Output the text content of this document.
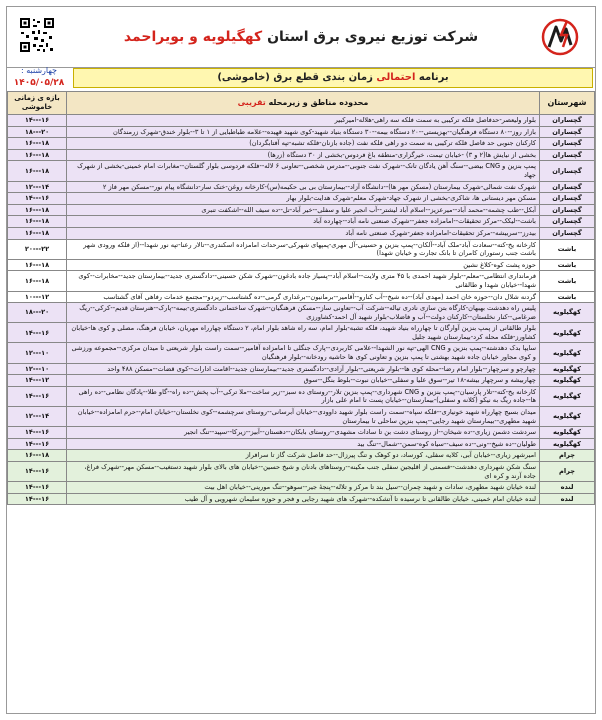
شرکت توزیع نیروی برق استان کهگیلویه و بویراحمد
چهارشنبه :
۱۴۰۵/۰۵/۲۸	برنامه احتمالی زمان بندی قطع برق (خاموشی)
شهرستان	محدوده مناطق و زیرمحله تقریبی	بازه ی زمانی خاموشی
گچساران	بلوار ولیعصر-حدفاصل فلکه ترکیبی به سمت فلکه سه راهی-هلاله-امیرکبیر	۱۴---۱۶
گچساران	بازار روز--۸۰ دستگاه فرهنگیان--بهزیستی--۲۰ دستگاه بیمه--۳۰ دستگاه بنیاد شهید-کوی شهید قهیده--علامه طباطبایی از ۱ تا ۳--بلوار خندق-شهرک زرمندگان	۱۸---۲۰
گچساران	کارکنان جنوبی حد فاصل فلکه ترکیبی به سمت دو راهی فلکه نفت (جاده بازنان-فلکه تشبه-تپه آفتابگردان)	۱۶---۱۸
گچساران	بخشی از نیایش ها(۲ و ۳) -خیابان تیمت، خیرگزاری-منطقه باغ فردوس-بخشی از ۳۰ دستگاه (زرها)	۱۶---۱۸
گچساران	پمپ بنزین و CNG بیضی--سنگ آهن یادگان تانک--شهرک نفت جنوبی--مدرس شخصی--تعاونی ۶ لاله--فلکه فردوسی بلوار گلستان--مغابرات امام خمینی-بخشی از شهرک جهاد	۱۶---۱۸
گچساران	شهرک نفت شمالی-شهرک بیمارستان (مسکن مهر ها)--دانشگاه آزاد--بیمارستان بی بی حکیمه(س)-کارخانه روغن-خنک سار-دانشگاه پیام نور--مسکن مهر فاز ۲	۱۲---۱۴
گچساران	مسکن مهر دیستانی ها، شاکری-بخشی از شهرک جهاد-شهرک معلم-شهرک هدایت-بلوار بهار	۱۴---۱۶
گچساران	آبکل--طب چشمه--محمد آباد--میرعزیز--اسلام آباد لیشتر--آب انجیر علیا و سفلی--خیر آباد-تل--ده سیف الله--اشکفت تنبری	۱۶---۱۸
گچساران	باشت--لیکک--مرکز تحقیقات--امامزاده جعفر--شهرک صنعتی نامه آباد--چهارده آباد	۱۶---۱۸
گچساران	بیدرز--سربیشه--مرکز تحقیقات-امامزاده جعفر-شهرک صنعتی نامه آباد	۱۶---۱۸
باشت	کارخانه یخ-کته--سعادت آباد-ملک آباد--آلکان--پمپ بنزین و حسینی-آل مهری-پمپهای شهرکی-سرحدات امامزاده اسکندری--تالار رعنا-تپه نور شهدا--(از فلکه ورودی شهر باشت جنب رستوران کامران تا بانک تجارت و خیابان شهدا)	۲۰---۲۲
باشت	حوزه پشت کوه-کلاغ نشین	۱۶---۱۸
باشت	فرمانداری انتظامی--معلم--بلوار شهید احمدی با ۴۵ متری ولایت--اسلام آباد--پسیاز جاده بادغون--شهرک شکن حسینی--دادگستری جدید--بیمارستان جدید--مخابرات--کوی شهدا--خیابان شهدا و طالقانی	۱۶---۱۸
باشت	گردنه شلال دان--حوزه خان احمد (مهدی آباد)--ده شیخ--آب کنارو--آقامیر--برمانیون--برغداری گرمی--ده گشتاسب--زیردو--مجتمع خدمات رفاهی آقای گشتاسب	۱۰---۱۲
کهگیلویه	پلیس راه دهدشت بهبهان-کارگاه بتن سازی نادری تیاله--شرکت آب--تعاونی ساز--مسکن فرهنگیان--شهرک ساختمانی دادگستری-بیمه--پارک--هنرستان قدیم--کرکی--ریگ ضرغامی--کنار نخلستان--کارکنان دولت--آب و فاضلاب-بلوار شهید آل احمد-کشاورزی	۱۸---۲۰
کهگیلویه	بلوار طالقانی از پمپ بنزین آوارگان تا چهارراه بنیاد شهید، فلکه تشبه-بلوار امام، سه راه شاهد بلوار امام، ۲ دستگاه چهارراه مهریان، خیابان فرهنگ، مصلی و کوی ها-خیابان کشاورز-فلکه محله کرد-بیمارستان شهید جلیل	۱۴---۱۶
کهگیلویه	سایپا بدک دهدشته--پمپ بنزین و CNG الهی-تپه نور الشهدا--علامی کاربردی--پارک جنگلی تا امامزاده آقامیر--سمت راست بلوار شریعتی تا میدان مرکزی--مجموعه ورزشی و کوی مجاور خیابان جاده شهید بهشتی تا پمپ بنزین و تعاونی کوی ها حاشیه رودخانه--بلوار فرهنگیان	۱۲---۱۰
کهگیلویه	چهارچو و سرچهار--بلوار امام رضا--محله کوی ها--بلوار شریعتی--بلوار آزادی--دادگستری جدید--بیمارستان جدید--اقامت ادارات--کوی قضات--مسکن ۴۸۸ واحد	۱۲---۱۰
کهگیلویه	چهاربیشه و سرچهار بیشه-۱۸ تیر--سوق علیا و سفلی--خیابان نبوت--بلوط بنگل--سوق	۱۴---۱۲
کهگیلویه	کارخانه یخ-کته--تلار پارسیان--پمپ بنزین و CNG شهرداری--پمپ بنزین تلار--روستای ده سبز--زیر ساخت--ملا ترکی--آب پخش--ده راه--گاو طلا--پادگان نظامی--ده راهی ها--جاده ریگ به نیکو (کلانه و سفلی)-بیمارستان--خیابان پست تا امام علی بازار	۱۴---۱۶
کهگیلویه	میدان بسیج چهارراه شهید خونیاری--فلکه سپاه--سمت راست بلوار شهید داوودی--خیابان آبرسانی--روستای سرچشمه--کوی نخلستان--خیابان امام--حرم امامزاده--خیابان شهید مطهری--بیمارستان شهید رجایی--پمپ بنزین ساحلی تا بیمارستان	۱۲---۱۴
کهگیلویه	سردشت دشمن زیاری--ده شیخان--از روستای دشت بن تا سادات مشهدی--روستای بابکان--دهستان--آبیز--زیرکا--سپید--تنگ انجیر	۱۴---۱۶
کهگیلویه	طولیان--ده شیخ--ونی--ده سیف--سیاه کوه-سمن--شمال--تنگ بید	۱۴---۱۶
چرام	امیرشهر زیاری--خیابان آبی، کلایه سفلی، کورساد، دو کوهک و تنگ پیرزال--حد فاصل شرکت گاز تا سرافراز	۱۶---۱۸
چرام	سنگ شکن شهرداری دهدشت--قسمتی از اقلیجین سفلی جنب مکینه--روستاهای بادنان و شیخ حسین--خیابان های بالای بلوار شهید دستغیب--مسکن مهر--شهرک فراغ، جاده آرند و کره ای	۱۴---۱۶
لنده	لنده خیابان شهید مطهری، سادات و شهید چمران--سیل بند تا مرکز و تلاله--پنجهٔ جیر--سوهو--تنگ مورینی--خیابان اهل بیت	۱۴---۱۶
لنده	لنده خیابان امام خمینی، خیابان طالقانی تا نرسیده تا آتشکده--شهرک های شهید رجایی و فجر و حوزه سلیمان شهرویی و آل طیب	۱۴---۱۶
